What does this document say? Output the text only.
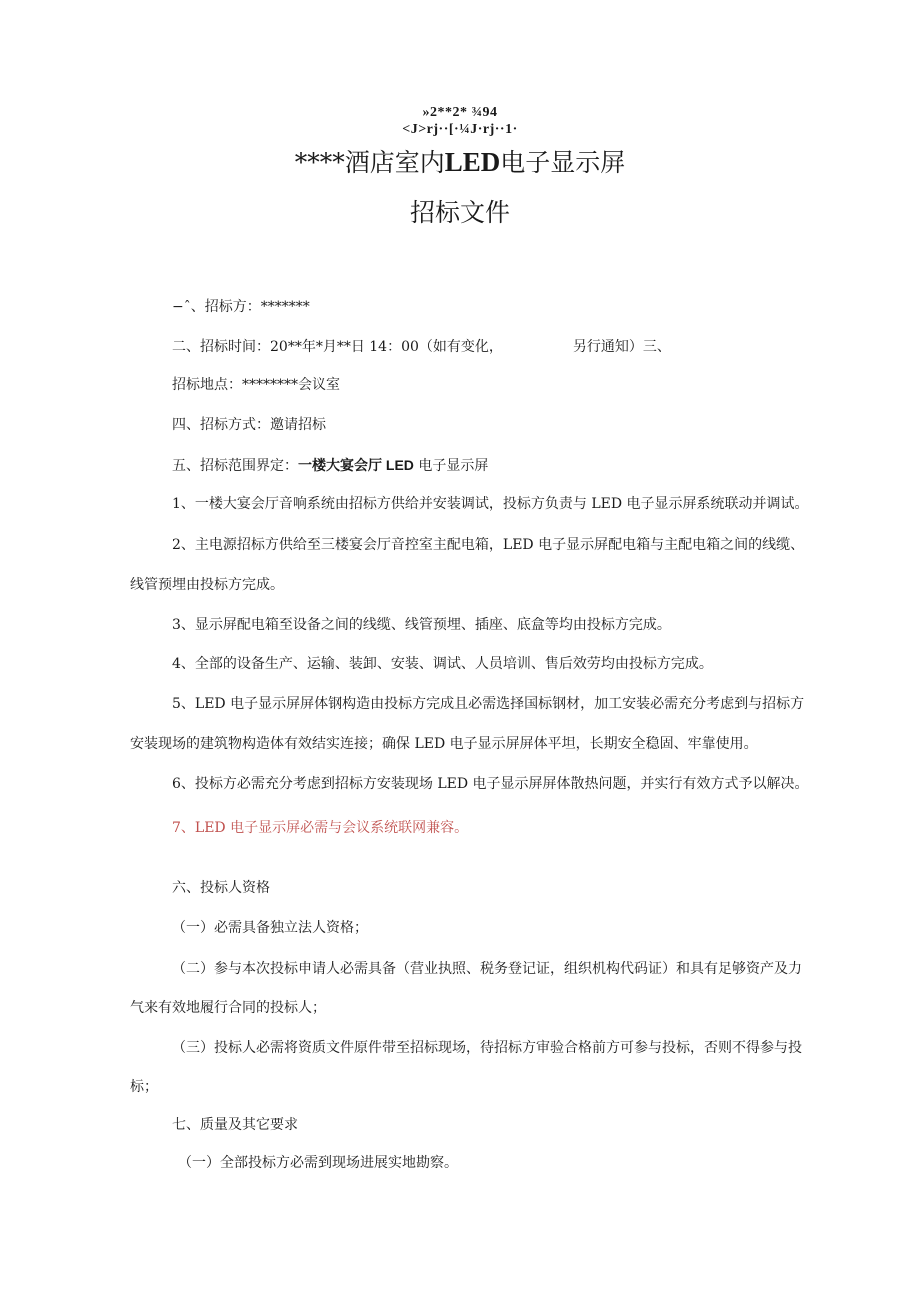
»2**2* ¾94
<J>rj··[·¼J·rj··1·
****酒店室内LED电子显示屏
招标文件
−ˆ、招标方：*******
二、招标时间：20**年*月**日 14：00（如有变化，	另行通知）三、
招标地点：********会议室
四、招标方式：邀请招标
五、招标范围界定：一楼大宴会厅 LED 电子显示屏
1、一楼大宴会厅音响系统由招标方供给并安装调试，投标方负责与 LED 电子显示屏系统联动并调试。
2、主电源招标方供给至三楼宴会厅音控室主配电箱，LED 电子显示屏配电箱与主配电箱之间的线缆、
线管预埋由投标方完成。
3、显示屏配电箱至设备之间的线缆、线管预埋、插座、底盒等均由投标方完成。
4、全部的设备生产、运输、装卸、安装、调试、人员培训、售后效劳均由投标方完成。
5、LED 电子显示屏屏体钢构造由投标方完成且必需选择国标钢材，加工安装必需充分考虑到与招标方
安装现场的建筑物构造体有效结实连接；确保 LED 电子显示屏屏体平坦，长期安全稳固、牢靠使用。
6、投标方必需充分考虑到招标方安装现场 LED 电子显示屏屏体散热问题，并实行有效方式予以解决。
7、LED 电子显示屏必需与会议系统联网兼容。
六、投标人资格
（一）必需具备独立法人资格；
（二）参与本次投标申请人必需具备（营业执照、税务登记证，组织机构代码证）和具有足够资产及力
气来有效地履行合同的投标人；
（三）投标人必需将资质文件原件带至招标现场，待招标方审验合格前方可参与投标，否则不得参与投
标；
七、质量及其它要求
（一）全部投标方必需到现场进展实地勘察。
